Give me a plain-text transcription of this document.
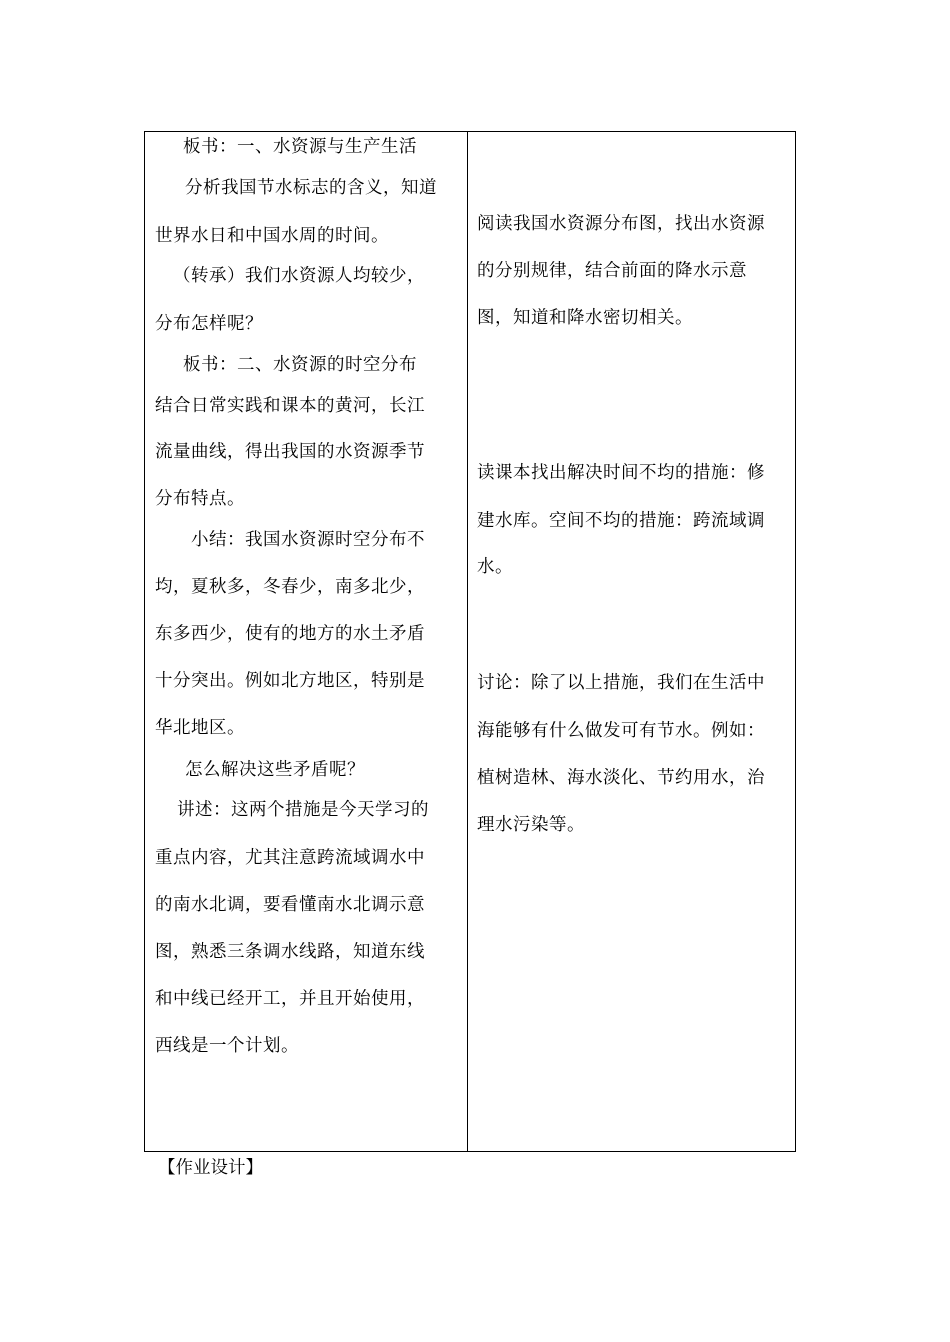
板书：一、水资源与生产生活
分析我国节水标志的含义，知道
世界水日和中国水周的时间。
（转承）我们水资源人均较少，
分布怎样呢？
板书：二、水资源的时空分布
结合日常实践和课本的黄河，长江
流量曲线，得出我国的水资源季节
分布特点。
小结：我国水资源时空分布不
均，夏秋多，冬春少，南多北少，
东多西少，使有的地方的水土矛盾
十分突出。例如北方地区，特别是
华北地区。
怎么解决这些矛盾呢？
讲述：这两个措施是今天学习的
重点内容，尤其注意跨流域调水中
的南水北调，要看懂南水北调示意
图，熟悉三条调水线路，知道东线
和中线已经开工，并且开始使用，
西线是一个计划。
阅读我国水资源分布图，找出水资源
的分别规律，结合前面的降水示意
图，知道和降水密切相关。
读课本找出解决时间不均的措施：修
建水库。空间不均的措施：跨流域调
水。
讨论：除了以上措施，我们在生活中
海能够有什么做发可有节水。例如：
植树造林、海水淡化、节约用水，治
理水污染等。
【作业设计】
